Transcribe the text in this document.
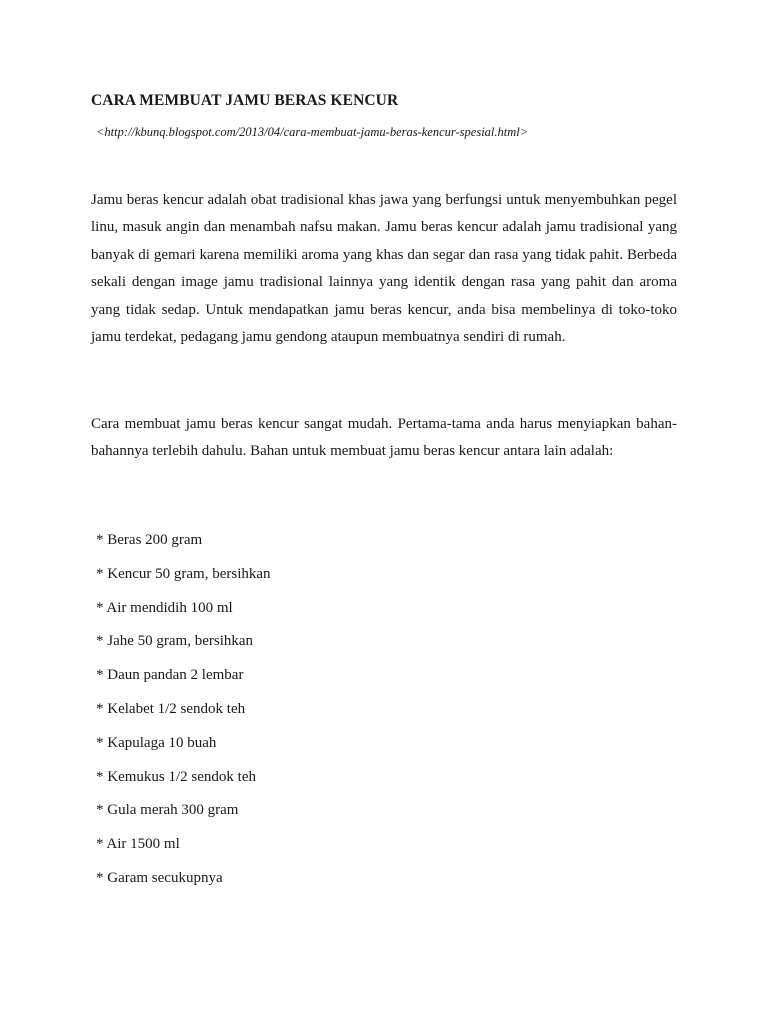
CARA MEMBUAT JAMU BERAS KENCUR

<http://kbunq.blogspot.com/2013/04/cara-membuat-jamu-beras-kencur-spesial.html>

Jamu beras kencur adalah obat tradisional khas jawa yang berfungsi untuk menyembuhkan pegel linu, masuk angin dan menambah nafsu makan. Jamu beras kencur adalah jamu tradisional yang banyak di gemari karena memiliki aroma yang khas dan segar dan rasa yang tidak pahit. Berbeda sekali dengan image jamu tradisional lainnya yang identik dengan rasa yang pahit dan aroma yang tidak sedap. Untuk mendapatkan jamu beras kencur, anda bisa membelinya di toko-toko jamu terdekat, pedagang jamu gendong ataupun membuatnya sendiri di rumah.

Cara membuat jamu beras kencur sangat mudah. Pertama-tama anda harus menyiapkan bahan-bahannya terlebih dahulu. Bahan untuk membuat jamu beras kencur antara lain adalah:

* Beras 200 gram
* Kencur 50 gram, bersihkan
* Air mendidih 100 ml
* Jahe 50 gram, bersihkan
* Daun pandan 2 lembar
* Kelabet 1/2 sendok teh
* Kapulaga 10 buah
* Kemukus 1/2 sendok teh
* Gula merah 300 gram
* Air 1500 ml
* Garam secukupnya
